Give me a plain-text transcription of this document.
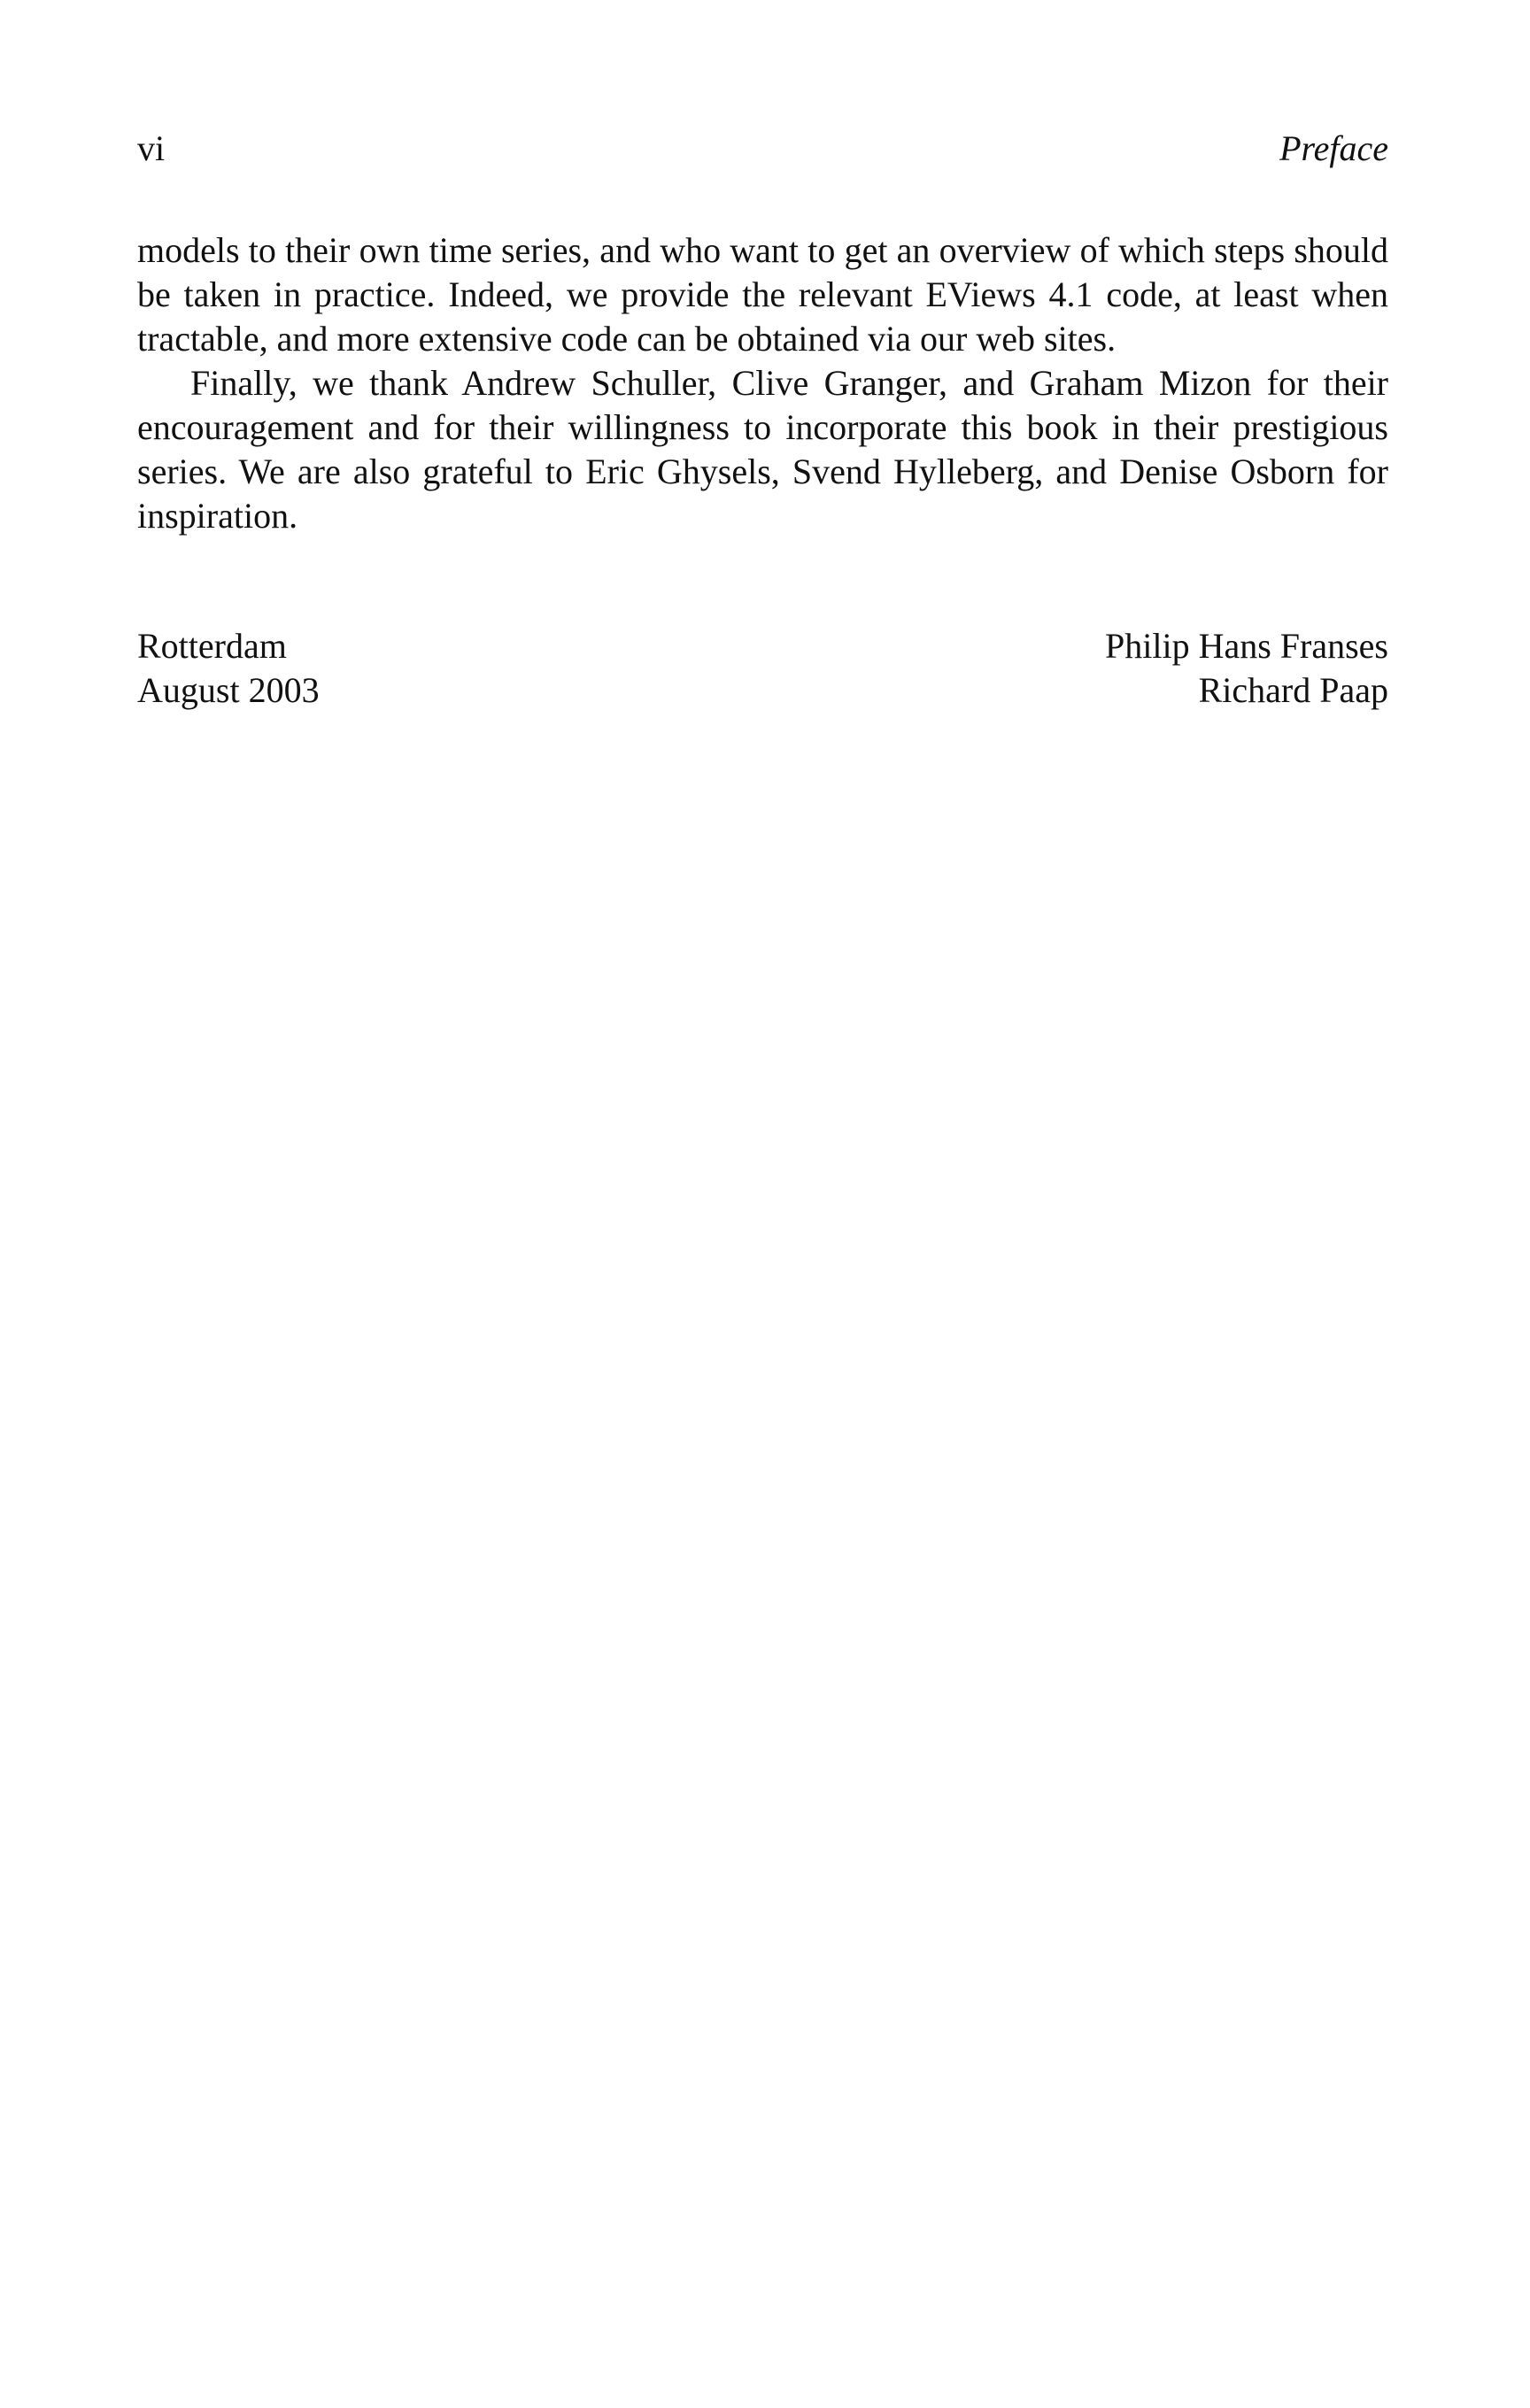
vi	Preface

models to their own time series, and who want to get an overview of which steps should be taken in practice. Indeed, we provide the relevant EViews 4.1 code, at least when tractable, and more extensive code can be obtained via our web sites.

Finally, we thank Andrew Schuller, Clive Granger, and Graham Mizon for their encouragement and for their willingness to incorporate this book in their prestigious series. We are also grateful to Eric Ghysels, Svend Hylleberg, and Denise Osborn for inspiration.

Rotterdam
August 2003
Philip Hans Franses
Richard Paap
